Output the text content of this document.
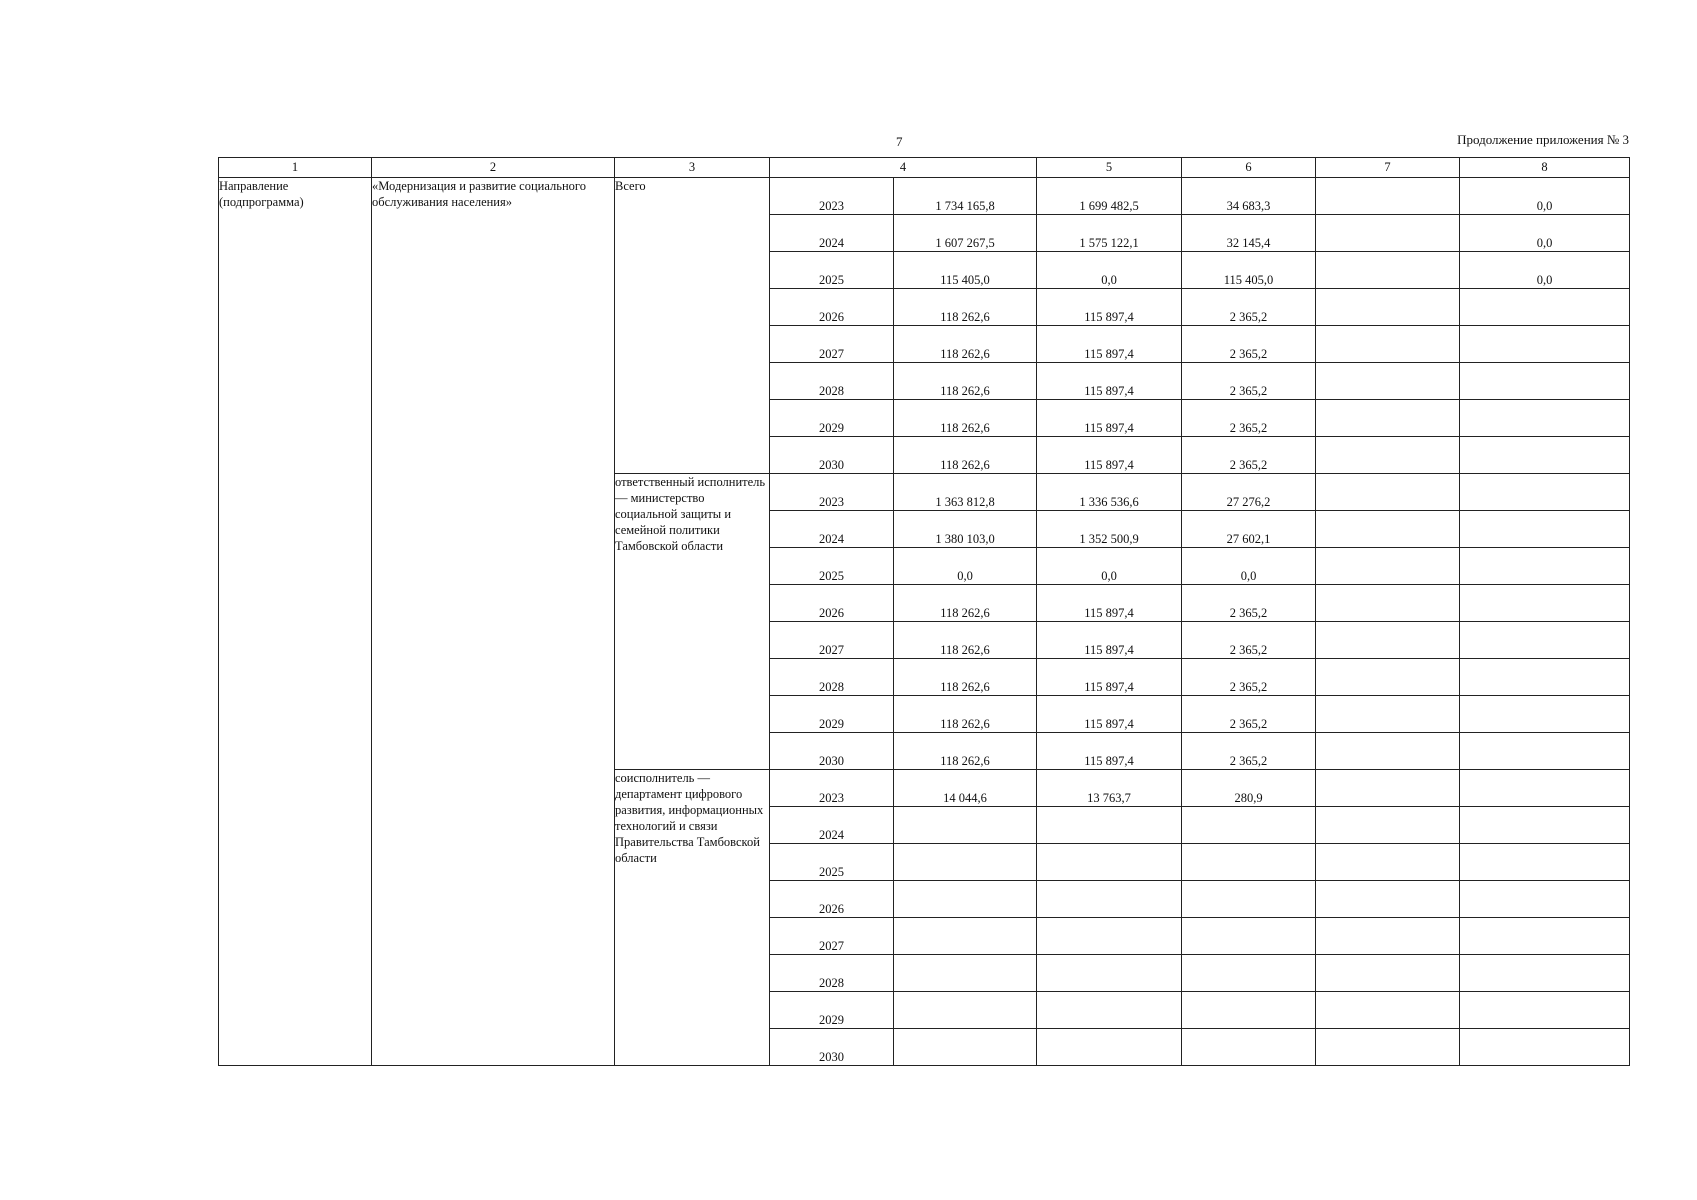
7	Продолжение приложения № 3
1	2	3	4		5	6	7	8
Направление (подпрограмма)	«Модернизация и развитие социального обслуживания населения»	Всего	2023	1 734 165,8	1 699 482,5	34 683,3		0,0
			2024	1 607 267,5	1 575 122,1	32 145,4		0,0
			2025	115 405,0	0,0	115 405,0		0,0
			2026	118 262,6	115 897,4	2 365,2		
			2027	118 262,6	115 897,4	2 365,2		
			2028	118 262,6	115 897,4	2 365,2		
			2029	118 262,6	115 897,4	2 365,2		
			2030	118 262,6	115 897,4	2 365,2		
		ответственный исполнитель — министерство социальной защиты и семейной политики Тамбовской области	2023	1 363 812,8	1 336 536,6	27 276,2		
			2024	1 380 103,0	1 352 500,9	27 602,1		
			2025	0,0	0,0	0,0		
			2026	118 262,6	115 897,4	2 365,2		
			2027	118 262,6	115 897,4	2 365,2		
			2028	118 262,6	115 897,4	2 365,2		
			2029	118 262,6	115 897,4	2 365,2		
			2030	118 262,6	115 897,4	2 365,2		
		соисполнитель — департамент цифрового развития, информационных технологий и связи Правительства Тамбовской области	2023	14 044,6	13 763,7	280,9		
			2024					
			2025					
			2026					
			2027					
			2028					
			2029					
			2030					
